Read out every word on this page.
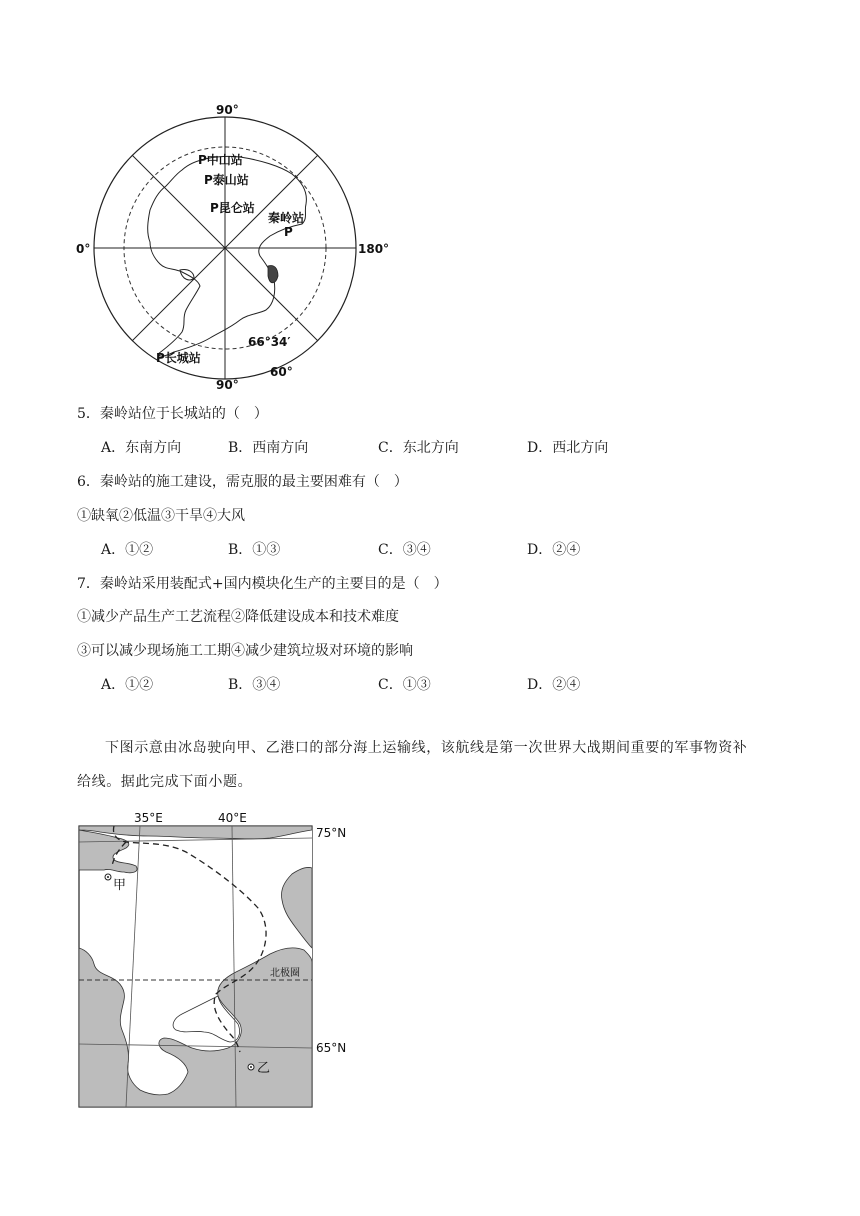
90°
0°	180°
90°
60°
66°34′
P中山站
P泰山站
P昆仑站
秦岭站
P
P长城站
5．秦岭站位于长城站的（　）
A．东南方向	B．西南方向	C．东北方向	D．西北方向
6．秦岭站的施工建设，需克服的最主要困难有（　）
①缺氧②低温③干旱④大风
A．①②	B．①③	C．③④	D．②④
7．秦岭站采用装配式+国内模块化生产的主要目的是（　）
①减少产品生产工艺流程②降低建设成本和技术难度
③可以减少现场施工工期④减少建筑垃圾对环境的影响
A．①②	B．③④	C．①③	D．②④
下图示意由冰岛驶向甲、乙港口的部分海上运输线，该航线是第一次世界大战期间重要的军事物资补
给线。据此完成下面小题。
35°E	40°E
75°N
65°N
北极圈
甲
乙
